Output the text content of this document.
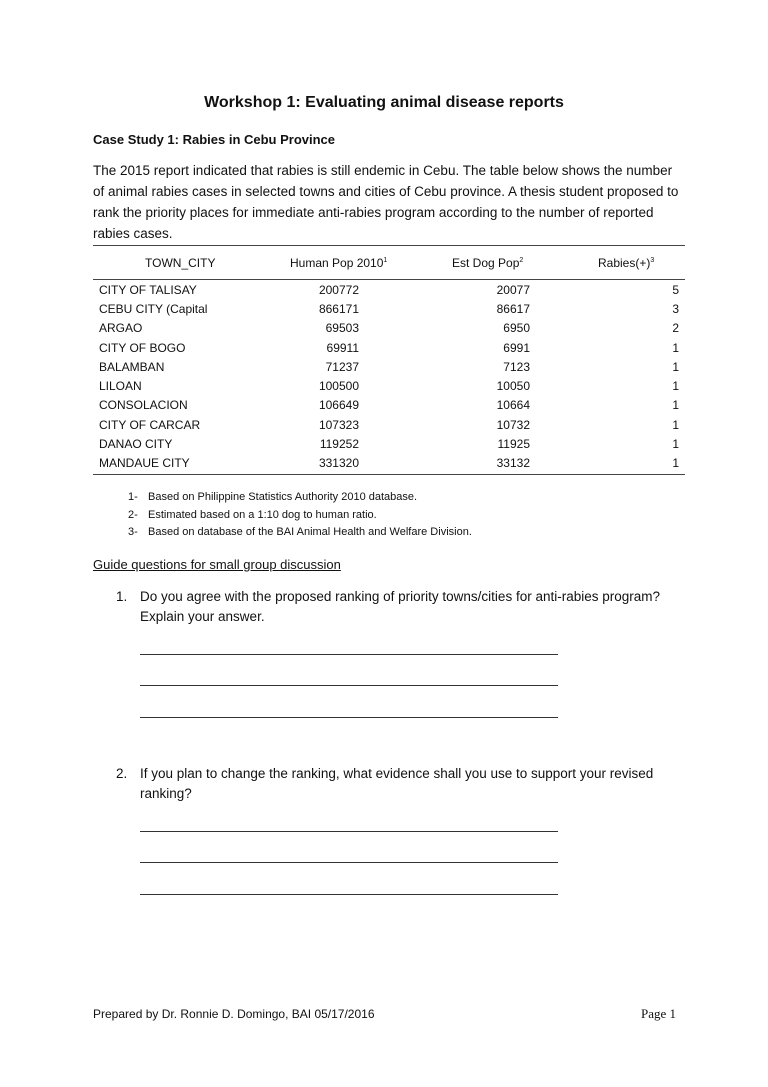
Workshop 1: Evaluating animal disease reports
Case Study 1: Rabies in Cebu Province
The 2015 report indicated that rabies is still endemic in Cebu. The table below shows the number of animal rabies cases in selected towns and cities of Cebu province. A thesis student proposed to rank the priority places for immediate anti-rabies program according to the number of reported rabies cases.
TOWN_CITY	Human Pop 2010$^1$	Est Dog Pop$^2$	$Rabies(+)^3$
CITY OF TALISAY	200772	20077	5
CEBU CITY (Capital	866171	86617	3
ARGAO	69503	6950	2
CITY OF BOGO	69911	6991	1
BALAMBAN	71237	7123	1
LILOAN	100500	10050	1
CONSOLACION	106649	10664	1
CITY OF CARCAR	107323	10732	1
DANAO CITY	119252	11925	1
MANDAUE CITY	331320	33132	1
1- Based on Philippine Statistics Authority 2010 database.
2- Estimated based on a 1:10 dog to human ratio.
3- Based on database of the BAI Animal Health and Welfare Division.
Guide questions for small group discussion
1. Do you agree with the proposed ranking of priority towns/cities for anti-rabies program? Explain your answer.
2. If you plan to change the ranking, what evidence shall you use to support your revised ranking?
Prepared by Dr. Ronnie D. Domingo, BAI 05/17/2016	Page 1
